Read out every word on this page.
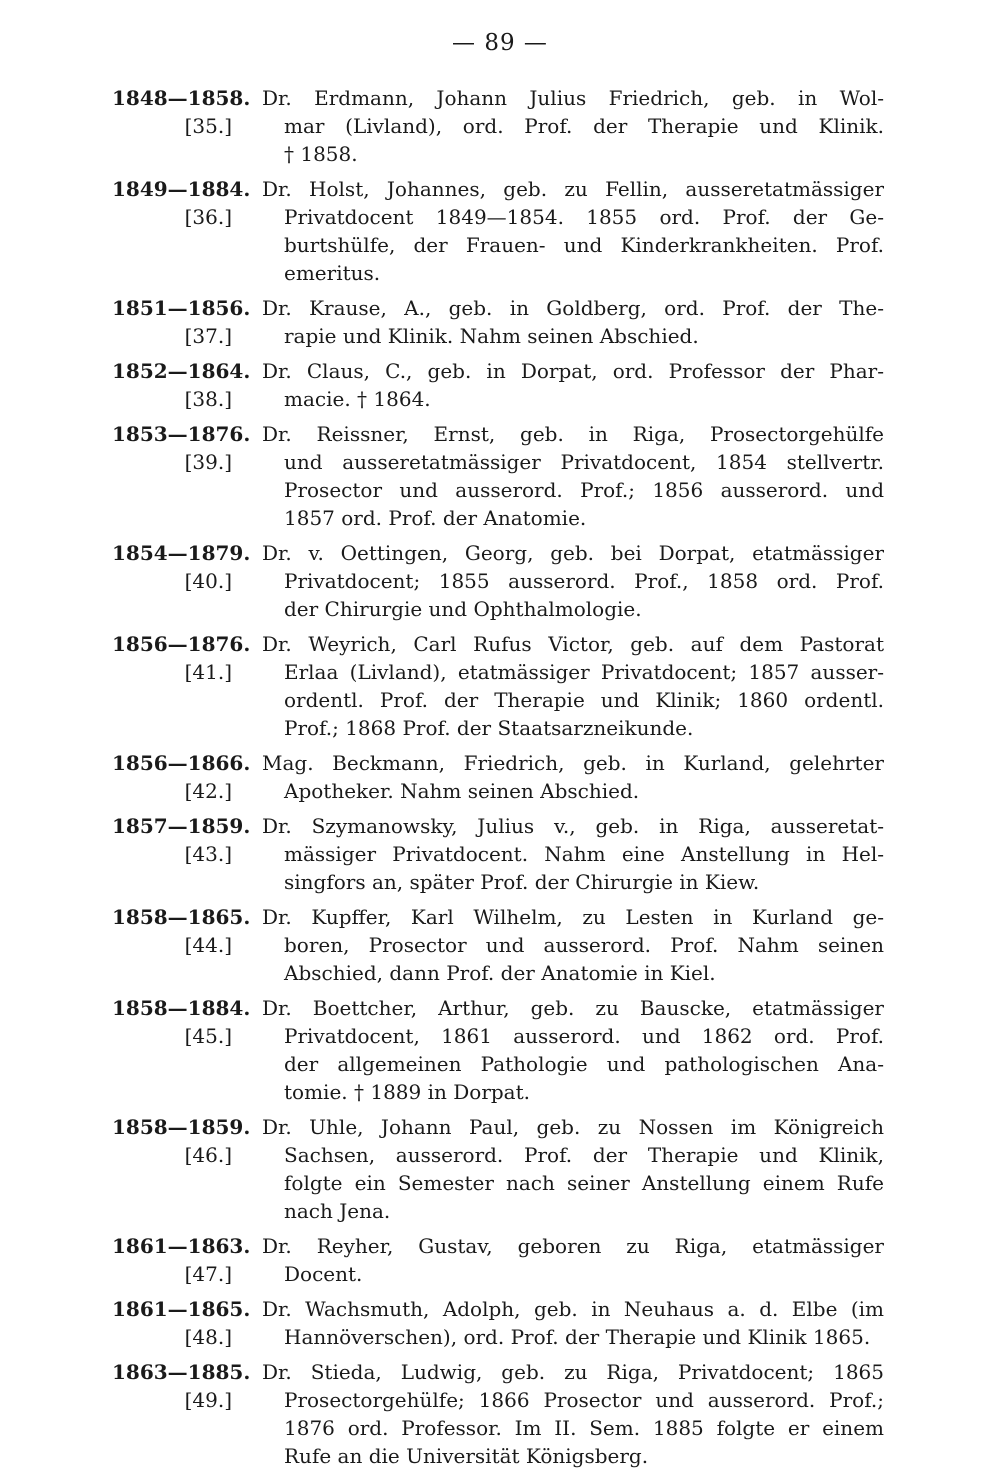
— 89 —
1848—1858.
[35.]
Dr. Erdmann, Johann Julius Friedrich, geb. in Wol-
mar (Livland), ord. Prof. der Therapie und Klinik.
† 1858.
1849—1884.
[36.]
Dr. Holst, Johannes, geb. zu Fellin, ausseretatmässiger
Privatdocent 1849—1854. 1855 ord. Prof. der Ge-
burtshülfe, der Frauen- und Kinderkrankheiten. Prof.
emeritus.
1851—1856.
[37.]
Dr. Krause, A., geb. in Goldberg, ord. Prof. der The-
rapie und Klinik. Nahm seinen Abschied.
1852—1864.
[38.]
Dr. Claus, C., geb. in Dorpat, ord. Professor der Phar-
macie. † 1864.
1853—1876.
[39.]
Dr. Reissner, Ernst, geb. in Riga, Prosectorgehülfe
und ausseretatmässiger Privatdocent, 1854 stellvertr.
Prosector und ausserord. Prof.; 1856 ausserord. und
1857 ord. Prof. der Anatomie.
1854—1879.
[40.]
Dr. v. Oettingen, Georg, geb. bei Dorpat, etatmässiger
Privatdocent; 1855 ausserord. Prof., 1858 ord. Prof.
der Chirurgie und Ophthalmologie.
1856—1876.
[41.]
Dr. Weyrich, Carl Rufus Victor, geb. auf dem Pastorat
Erlaa (Livland), etatmässiger Privatdocent; 1857 ausser-
ordentl. Prof. der Therapie und Klinik; 1860 ordentl.
Prof.; 1868 Prof. der Staatsarzneikunde.
1856—1866.
[42.]
Mag. Beckmann, Friedrich, geb. in Kurland, gelehrter
Apotheker. Nahm seinen Abschied.
1857—1859.
[43.]
Dr. Szymanowsky, Julius v., geb. in Riga, ausseretat-
mässiger Privatdocent. Nahm eine Anstellung in Hel-
singfors an, später Prof. der Chirurgie in Kiew.
1858—1865.
[44.]
Dr. Kupffer, Karl Wilhelm, zu Lesten in Kurland ge-
boren, Prosector und ausserord. Prof. Nahm seinen
Abschied, dann Prof. der Anatomie in Kiel.
1858—1884.
[45.]
Dr. Boettcher, Arthur, geb. zu Bauscke, etatmässiger
Privatdocent, 1861 ausserord. und 1862 ord. Prof.
der allgemeinen Pathologie und pathologischen Ana-
tomie. † 1889 in Dorpat.
1858—1859.
[46.]
Dr. Uhle, Johann Paul, geb. zu Nossen im Königreich
Sachsen, ausserord. Prof. der Therapie und Klinik,
folgte ein Semester nach seiner Anstellung einem Rufe
nach Jena.
1861—1863.
[47.]
Dr. Reyher, Gustav, geboren zu Riga, etatmässiger
Docent.
1861—1865.
[48.]
Dr. Wachsmuth, Adolph, geb. in Neuhaus a. d. Elbe (im
Hannöverschen), ord. Prof. der Therapie und Klinik 1865.
1863—1885.
[49.]
Dr. Stieda, Ludwig, geb. zu Riga, Privatdocent; 1865
Prosectorgehülfe; 1866 Prosector und ausserord. Prof.;
1876 ord. Professor. Im II. Sem. 1885 folgte er einem
Rufe an die Universität Königsberg.
